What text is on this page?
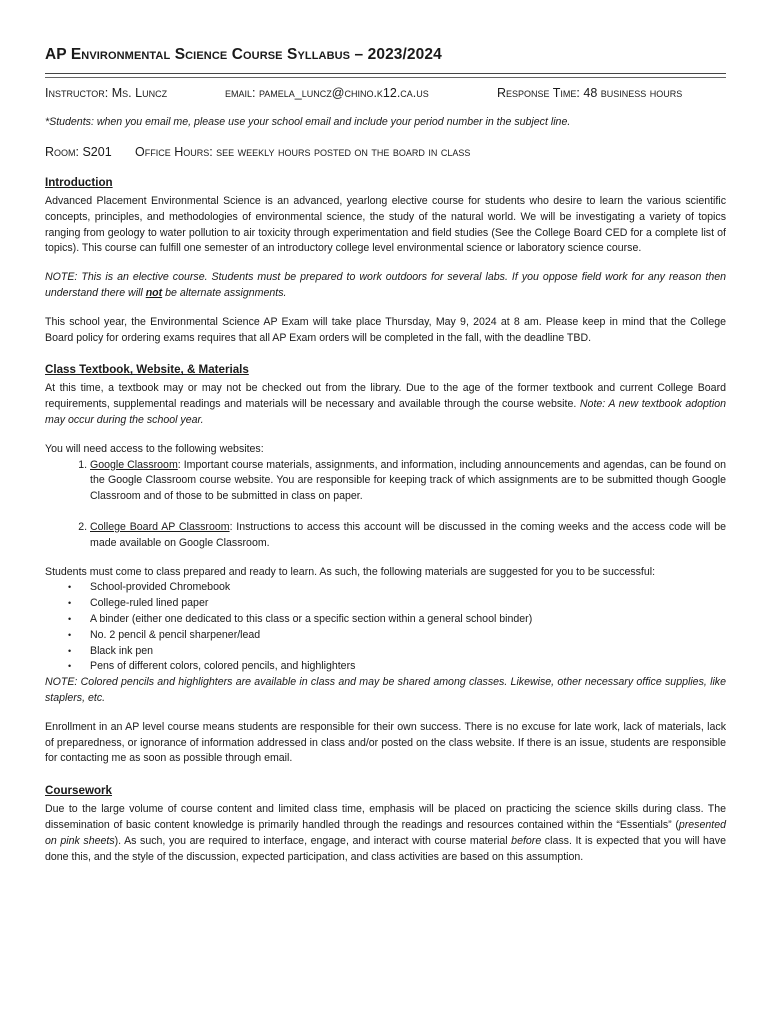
AP Environmental Science Course Syllabus – 2023/2024
Instructor: Ms. Luncz	email: pamela_luncz@chino.k12.ca.us	Response Time: 48 business hours
*Students: when you email me, please use your school email and include your period number in the subject line.
Room: S201	Office Hours: see weekly hours posted on the board in class
Introduction

Advanced Placement Environmental Science is an advanced, yearlong elective course for students who desire to learn the various scientific concepts, principles, and methodologies of environmental science, the study of the natural world. We will be investigating a variety of topics ranging from geology to water pollution to air toxicity through experimentation and field studies (See the College Board CED for a complete list of topics). This course can fulfill one semester of an introductory college level environmental science or laboratory science course.

NOTE: This is an elective course. Students must be prepared to work outdoors for several labs. If you oppose field work for any reason then understand there will not be alternate assignments.

This school year, the Environmental Science AP Exam will take place Thursday, May 9, 2024 at 8 am. Please keep in mind that the College Board policy for ordering exams requires that all AP Exam orders will be completed in the fall, with the deadline TBD.

Class Textbook, Website, & Materials

At this time, a textbook may or may not be checked out from the library. Due to the age of the former textbook and current College Board requirements, supplemental readings and materials will be necessary and available through the course website. Note: A new textbook adoption may occur during the school year.

You will need access to the following websites:

1. Google Classroom: Important course materials, assignments, and information, including announcements and agendas, can be found on the Google Classroom course website. You are responsible for keeping track of which assignments are to be submitted though Google Classroom and of those to be submitted in class on paper.
2. College Board AP Classroom: Instructions to access this account will be discussed in the coming weeks and the access code will be made available on Google Classroom.

Students must come to class prepared and ready to learn. As such, the following materials are suggested for you to be successful:

• School-provided Chromebook
• College-ruled lined paper
• A binder (either one dedicated to this class or a specific section within a general school binder)
• No. 2 pencil & pencil sharpener/lead
• Black ink pen
• Pens of different colors, colored pencils, and highlighters

NOTE: Colored pencils and highlighters are available in class and may be shared among classes. Likewise, other necessary office supplies, like staplers, etc.

Enrollment in an AP level course means students are responsible for their own success. There is no excuse for late work, lack of materials, lack of preparedness, or ignorance of information addressed in class and/or posted on the class website. If there is an issue, students are responsible for contacting me as soon as possible through email.

Coursework

Due to the large volume of course content and limited class time, emphasis will be placed on practicing the science skills during class. The dissemination of basic content knowledge is primarily handled through the readings and resources contained within the “Essentials” (presented on pink sheets). As such, you are required to interface, engage, and interact with course material before class. It is expected that you will have done this, and the style of the discussion, expected participation, and class activities are based on this assumption.
